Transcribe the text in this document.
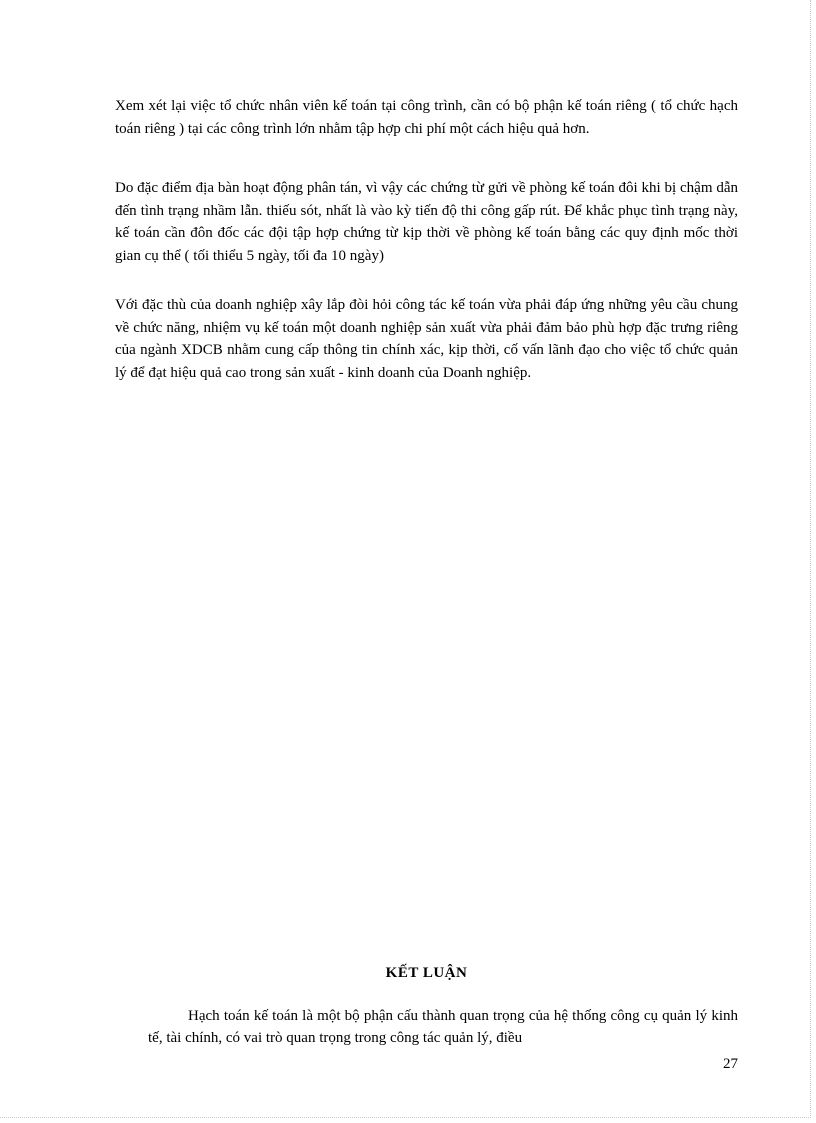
Xem xét lại việc tổ chức nhân viên kế toán tại công trình, cần có bộ phận kế toán riêng ( tổ chức hạch toán riêng ) tại các công trình lớn nhằm tập hợp chi phí một cách hiệu quả hơn.

Do đặc điểm địa bàn hoạt động phân tán, vì vậy các chứng từ gửi về phòng kế toán đôi khi bị chậm dẫn đến tình trạng nhầm lẫn. thiếu sót, nhất là vào kỳ tiến độ thi công gấp rút. Để khắc phục tình trạng này, kế toán cần đôn đốc các đội tập hợp chứng từ kịp thời về phòng kế toán bằng các quy định mốc thời gian cụ thể ( tối thiểu 5 ngày, tối đa 10 ngày)

Với đặc thù của doanh nghiệp xây lắp đòi hỏi công tác kế toán vừa phải đáp ứng những yêu cầu chung về chức năng, nhiệm vụ kế toán một doanh nghiệp sản xuất vừa phải đảm bảo phù hợp đặc trưng riêng của ngành XDCB nhằm cung cấp thông tin chính xác, kịp thời, cố vấn lãnh đạo cho việc tổ chức quản lý để đạt hiệu quả cao trong sản xuất - kinh doanh của Doanh nghiệp.

KẾT LUẬN

Hạch toán kế toán là một bộ phận cấu thành quan trọng của hệ thống công cụ quản lý kinh tế, tài chính, có vai trò quan trọng trong công tác quản lý, điều

27
